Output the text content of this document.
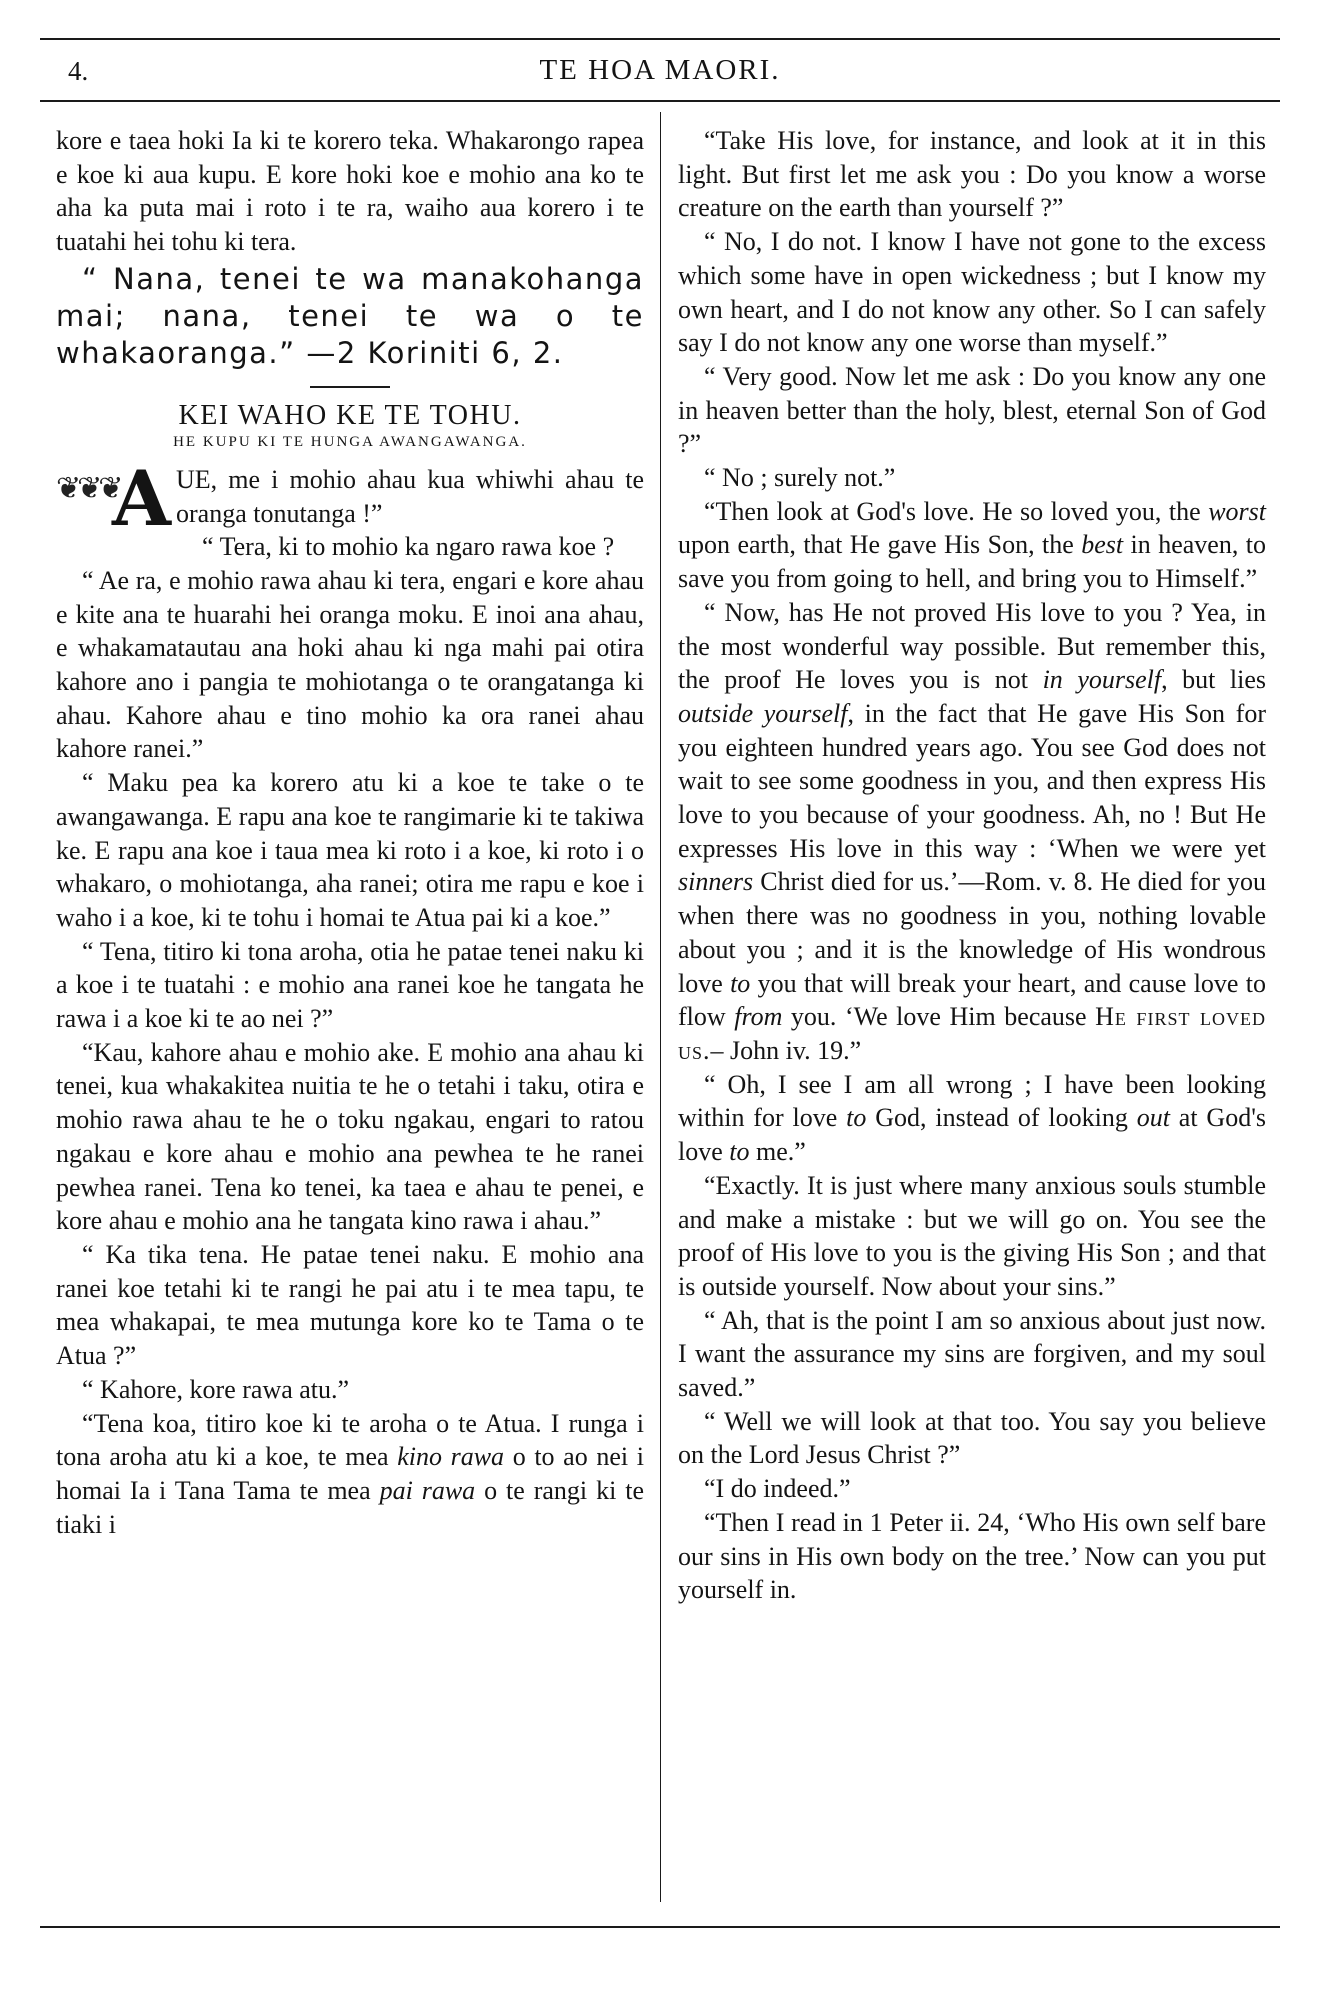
4.	TE HOA MAORI.

kore e taea hoki Ia ki te korero teka. Whakarongo rapea e koe ki aua kupu. E kore hoki koe e mohio ana ko te aha ka puta mai i roto i te ra, waiho aua korero i te tuatahi hei tohu ki tera.

“ Nana, tenei te wa manakohanga mai; nana, tenei te wa o te whakaoranga.” —2 Koriniti 6, 2.

KEI WAHO KE TE TOHU.
HE KUPU KI TE HUNGA AWANGAWANGA.
❦❦❦
A UE, me i mohio ahau kua whiwhi ahau te oranga tonutanga !”

“ Tera, ki to mohio ka ngaro rawa koe ?

“ Ae ra, e mohio rawa ahau ki tera, engari e kore ahau e kite ana te huarahi hei oranga moku. E inoi ana ahau, e whakamatautau ana hoki ahau ki nga mahi pai otira kahore ano i pangia te mohiotanga o te orangatanga ki ahau. Kahore ahau e tino mohio ka ora ranei ahau kahore ranei.”

“ Maku pea ka korero atu ki a koe te take o te awangawanga. E rapu ana koe te rangimarie ki te takiwa ke. E rapu ana koe i taua mea ki roto i a koe, ki roto i o whakaro, o mohiotanga, aha ranei; otira me rapu e koe i waho i a koe, ki te tohu i homai te Atua pai ki a koe.”

“ Tena, titiro ki tona aroha, otia he patae tenei naku ki a koe i te tuatahi : e mohio ana ranei koe he tangata he rawa i a koe ki te ao nei ?”

“Kau, kahore ahau e mohio ake. E mohio ana ahau ki tenei, kua whakakitea nuitia te he o tetahi i taku, otira e mohio rawa ahau te he o toku ngakau, engari to ratou ngakau e kore ahau e mohio ana pewhea te he ranei pewhea ranei. Tena ko tenei, ka taea e ahau te penei, e kore ahau e mohio ana he tangata kino rawa i ahau.”

“ Ka tika tena. He patae tenei naku. E mohio ana ranei koe tetahi ki te rangi he pai atu i te mea tapu, te mea whakapai, te mea mutunga kore ko te Tama o te Atua ?”

“ Kahore, kore rawa atu.”

“Tena koa, titiro koe ki te aroha o te Atua. I runga i tona aroha atu ki a koe, te mea kino rawa o to ao nei i homai Ia i Tana Tama te mea pai rawa o te rangi ki te tiaki i

“Take His love, for instance, and look at it in this light. But first let me ask you : Do you know a worse creature on the earth than yourself ?”

“ No, I do not. I know I have not gone to the excess which some have in open wickedness ; but I know my own heart, and I do not know any other. So I can safely say I do not know any one worse than myself.”

“ Very good. Now let me ask : Do you know any one in heaven better than the holy, blest, eternal Son of God ?”

“ No ; surely not.”

“Then look at God's love. He so loved you, the worst upon earth, that He gave His Son, the best in heaven, to save you from going to hell, and bring you to Himself.”

“ Now, has He not proved His love to you ? Yea, in the most wonderful way possible. But remember this, the proof He loves you is not in yourself, but lies outside yourself, in the fact that He gave His Son for you eighteen hundred years ago. You see God does not wait to see some goodness in you, and then express His love to you because of your goodness. Ah, no ! But He expresses His love in this way : ‘When we were yet sinners Christ died for us.’—Rom. v. 8. He died for you when there was no goodness in you, nothing lovable about you ; and it is the knowledge of His wondrous love to you that will break your heart, and cause love to flow from you. ‘We love Him because He first loved us.– John iv. 19.”

“ Oh, I see I am all wrong ; I have been looking within for love to God, instead of looking out at God's love to me.”

“Exactly. It is just where many anxious souls stumble and make a mistake : but we will go on. You see the proof of His love to you is the giving His Son ; and that is outside yourself. Now about your sins.”

“ Ah, that is the point I am so anxious about just now. I want the assurance my sins are forgiven, and my soul saved.”

“ Well we will look at that too. You say you believe on the Lord Jesus Christ ?”

“I do indeed.”

“Then I read in 1 Peter ii. 24, ‘Who His own self bare our sins in His own body on the tree.’ Now can you put yourself in.
